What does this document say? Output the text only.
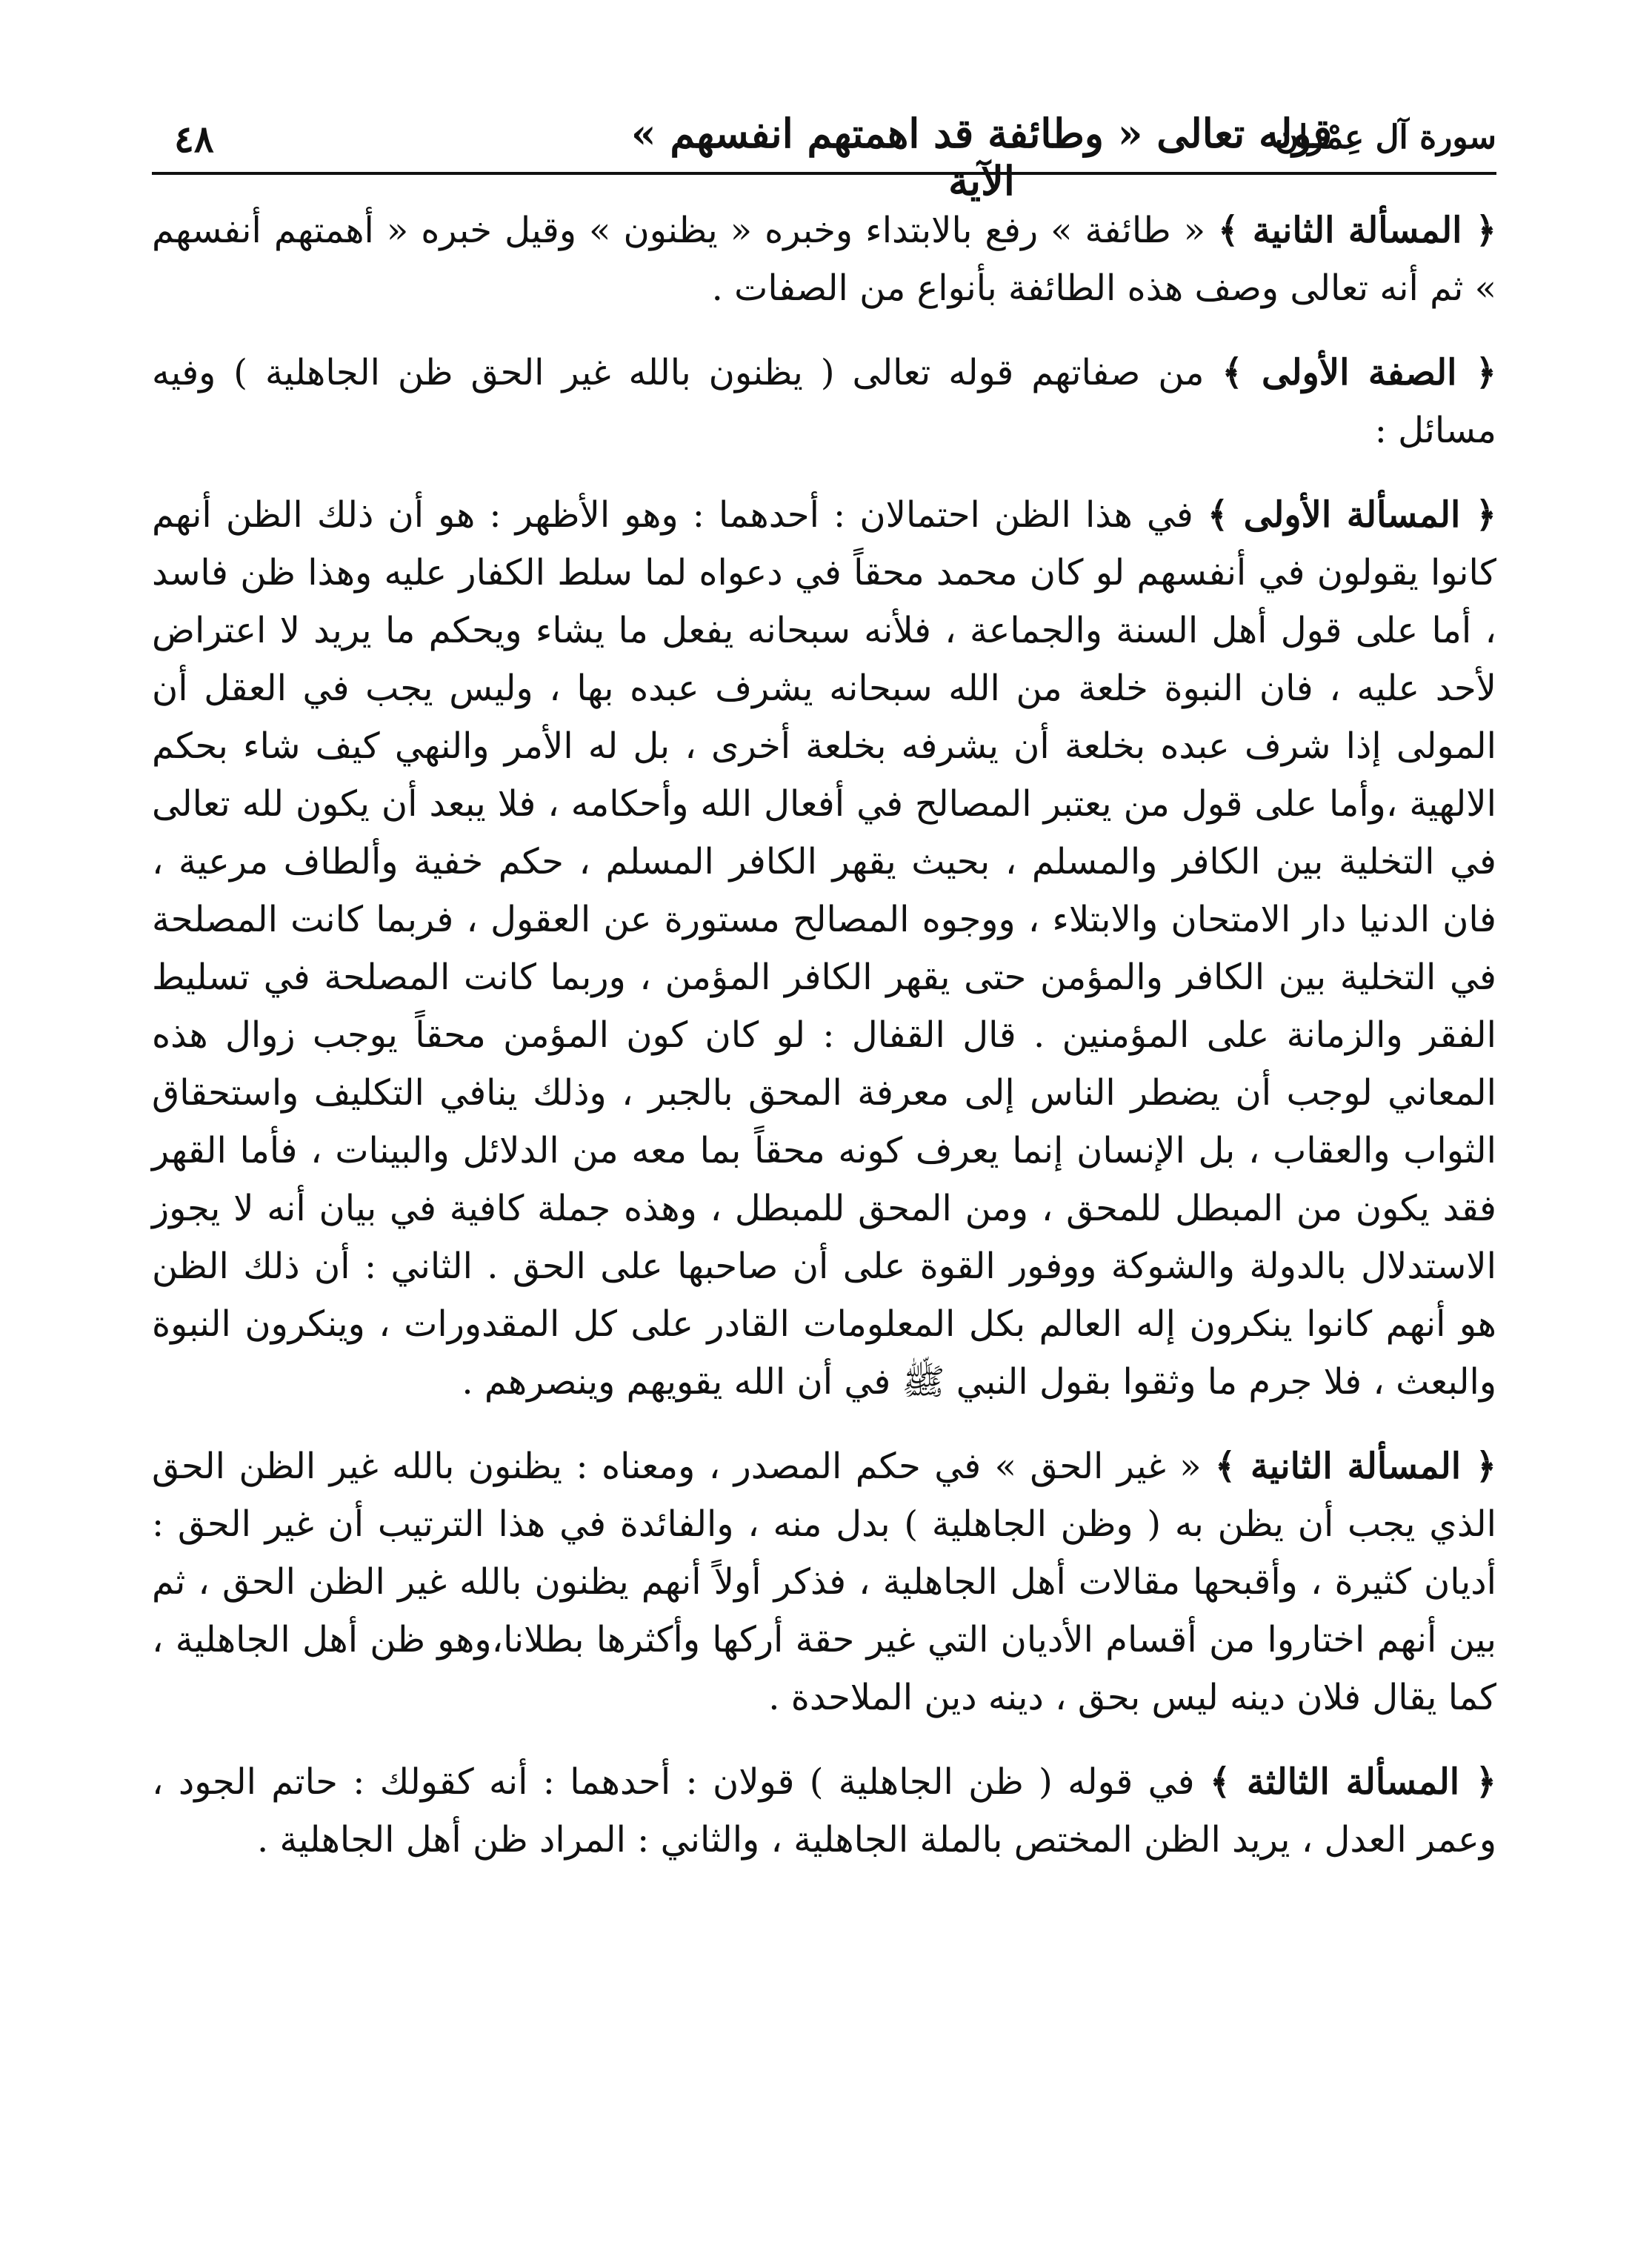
٤٨	قوله تعالى « وطائفة قد اهمتهم انفسهم » الآية
سورة آل عِمْران

﴿ المسألة الثانية ﴾ « طائفة » رفع بالابتداء وخبره « يظنون » وقيل خبره « أهمتهم أنفسهم » ثم أنه تعالى وصف هذه الطائفة بأنواع من الصفات .

﴿ الصفة الأولى ﴾ من صفاتهم قوله تعالى ( يظنون بالله غير الحق ظن الجاهلية ) وفيه مسائل :

﴿ المسألة الأولى ﴾ في هذا الظن احتمالان : أحدهما : وهو الأظهر : هو أن ذلك الظن أنهم كانوا يقولون في أنفسهم لو كان محمد محقاً في دعواه لما سلط الكفار عليه وهذا ظن فاسد ، أما على قول أهل السنة والجماعة ، فلأنه سبحانه يفعل ما يشاء ويحكم ما يريد لا اعتراض لأحد عليه ، فان النبوة خلعة من الله سبحانه يشرف عبده بها ، وليس يجب في العقل أن المولى إذا شرف عبده بخلعة أن يشرفه بخلعة أخرى ، بل له الأمر والنهي كيف شاء بحكم الالهية ،وأما على قول من يعتبر المصالح في أفعال الله وأحكامه ، فلا يبعد أن يكون لله تعالى في التخلية بين الكافر والمسلم ، بحيث يقهر الكافر المسلم ، حكم خفية وألطاف مرعية ، فان الدنيا دار الامتحان والابتلاء ، ووجوه المصالح مستورة عن العقول ، فربما كانت المصلحة في التخلية بين الكافر والمؤمن حتى يقهر الكافر المؤمن ، وربما كانت المصلحة في تسليط الفقر والزمانة على المؤمنين . قال القفال : لو كان كون المؤمن محقاً يوجب زوال هذه المعاني لوجب أن يضطر الناس إلى معرفة المحق بالجبر ، وذلك ينافي التكليف واستحقاق الثواب والعقاب ، بل الإنسان إنما يعرف كونه محقاً بما معه من الدلائل والبينات ، فأما القهر فقد يكون من المبطل للمحق ، ومن المحق للمبطل ، وهذه جملة كافية في بيان أنه لا يجوز الاستدلال بالدولة والشوكة ووفور القوة على أن صاحبها على الحق . الثاني : أن ذلك الظن هو أنهم كانوا ينكرون إله العالم بكل المعلومات القادر على كل المقدورات ، وينكرون النبوة والبعث ، فلا جرم ما وثقوا بقول النبي ﷺ في أن الله يقويهم وينصرهم .

﴿ المسألة الثانية ﴾ « غير الحق » في حكم المصدر ، ومعناه : يظنون بالله غير الظن الحق الذي يجب أن يظن به ( وظن الجاهلية ) بدل منه ، والفائدة في هذا الترتيب أن غير الحق : أديان كثيرة ، وأقبحها مقالات أهل الجاهلية ، فذكر أولاً أنهم يظنون بالله غير الظن الحق ، ثم بين أنهم اختاروا من أقسام الأديان التي غير حقة أركها وأكثرها بطلانا،وهو ظن أهل الجاهلية ، كما يقال فلان دينه ليس بحق ، دينه دين الملاحدة .

﴿ المسألة الثالثة ﴾ في قوله ( ظن الجاهلية ) قولان : أحدهما : أنه كقولك : حاتم الجود ، وعمر العدل ، يريد الظن المختص بالملة الجاهلية ، والثاني : المراد ظن أهل الجاهلية .
